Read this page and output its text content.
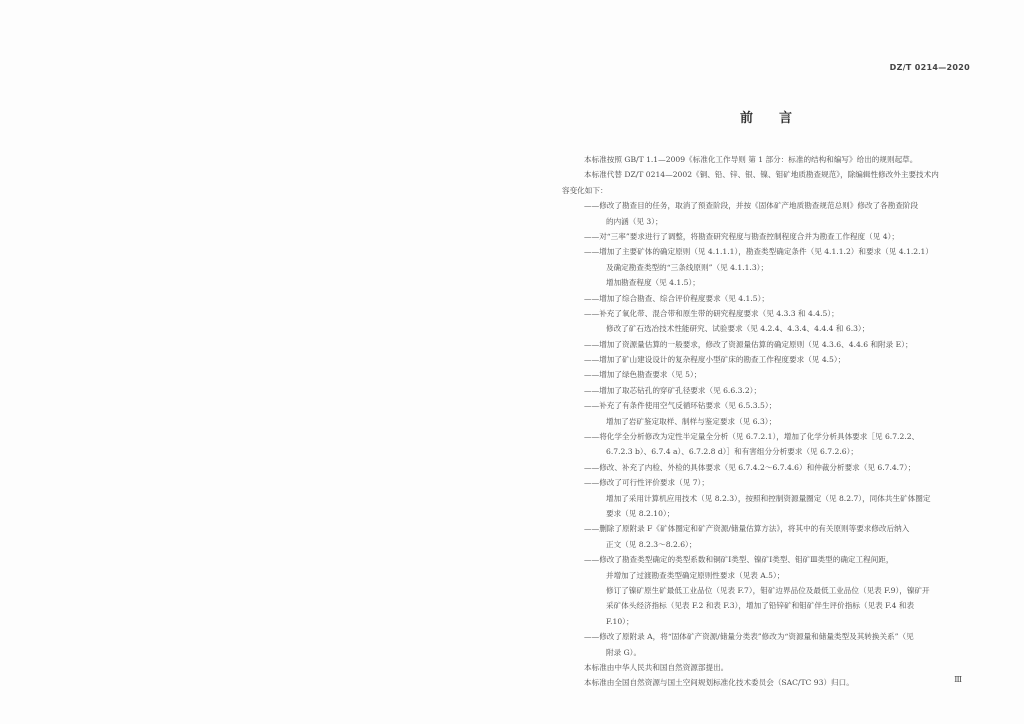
DZ/T 0214—2020
前言
本标准按照 GB/T 1.1—2009《标准化工作导则 第 1 部分：标准的结构和编写》给出的规则起草。
本标准代替 DZ/T 0214—2002《铜、铅、锌、银、镍、钼矿地质勘查规范》，除编辑性修改外主要技术内
容变化如下：
——修改了勘查目的任务，取消了预查阶段，并按《固体矿产地质勘查规范总则》修改了各勘查阶段
的内涵（见 3）；
——对“三率”要求进行了调整，将勘查研究程度与勘查控制程度合并为勘查工作程度（见 4）；
——增加了主要矿体的确定原则（见 4.1.1.1），勘查类型确定条件（见 4.1.1.2）和要求（见 4.1.2.1）
及确定勘查类型的“三条线原则”（见 4.1.1.3）；
增加勘查程度（见 4.1.5）；
——增加了综合勘查、综合评价程度要求（见 4.1.5）；
——补充了氧化带、混合带和原生带的研究程度要求（见 4.3.3 和 4.4.5）；
修改了矿石选冶技术性能研究、试验要求（见 4.2.4、4.3.4、4.4.4 和 6.3）；
——增加了资源量估算的一般要求，修改了资源量估算的确定原则（见 4.3.6、4.4.6 和附录 E）；
——增加了矿山建设设计的复杂程度小型矿床的勘查工作程度要求（见 4.5）；
——增加了绿色勘查要求（见 5）；
——增加了取芯钻孔的穿矿孔径要求（见 6.6.3.2）；
——补充了有条件使用空气反循环钻要求（见 6.5.3.5）；
增加了岩矿鉴定取样、制样与鉴定要求（见 6.3）；
——将化学全分析修改为定性半定量全分析（见 6.7.2.1），增加了化学分析具体要求［见 6.7.2.2、
6.7.2.3 b）、6.7.4 a）、6.7.2.8 d）］和有害组分分析要求（见 6.7.2.6）；
——修改、补充了内检、外检的具体要求（见 6.7.4.2～6.7.4.6）和仲裁分析要求（见 6.7.4.7）；
——修改了可行性评价要求（见 7）；
增加了采用计算机应用技术（见 8.2.3），按照和控制资源量圈定（见 8.2.7），同体共生矿体圈定
要求（见 8.2.10）；
——删除了原附录 F《矿体圈定和矿产资源/储量估算方法》，将其中的有关原则等要求修改后纳入
正文（见 8.2.3～8.2.6）；
——修改了勘查类型确定的类型系数和铜矿Ⅰ类型、镍矿Ⅰ类型、钼矿Ⅲ类型的确定工程间距，
并增加了过渡勘查类型确定原则性要求（见表 A.5）；
修订了镍矿原生矿最低工业品位（见表 F.7），钼矿边界品位及最低工业品位（见表 F.9），镍矿开
采矿体头经济指标（见表 F.2 和表 F.3），增加了铅锌矿和钼矿伴生评价指标（见表 F.4 和表
F.10）；
——修改了原附录 A，将“固体矿产资源/储量分类表”修改为“资源量和储量类型及其转换关系”（见
附录 G）。
本标准由中华人民共和国自然资源部提出。
本标准由全国自然资源与国土空间规划标准化技术委员会（SAC/TC 93）归口。	Ⅲ
